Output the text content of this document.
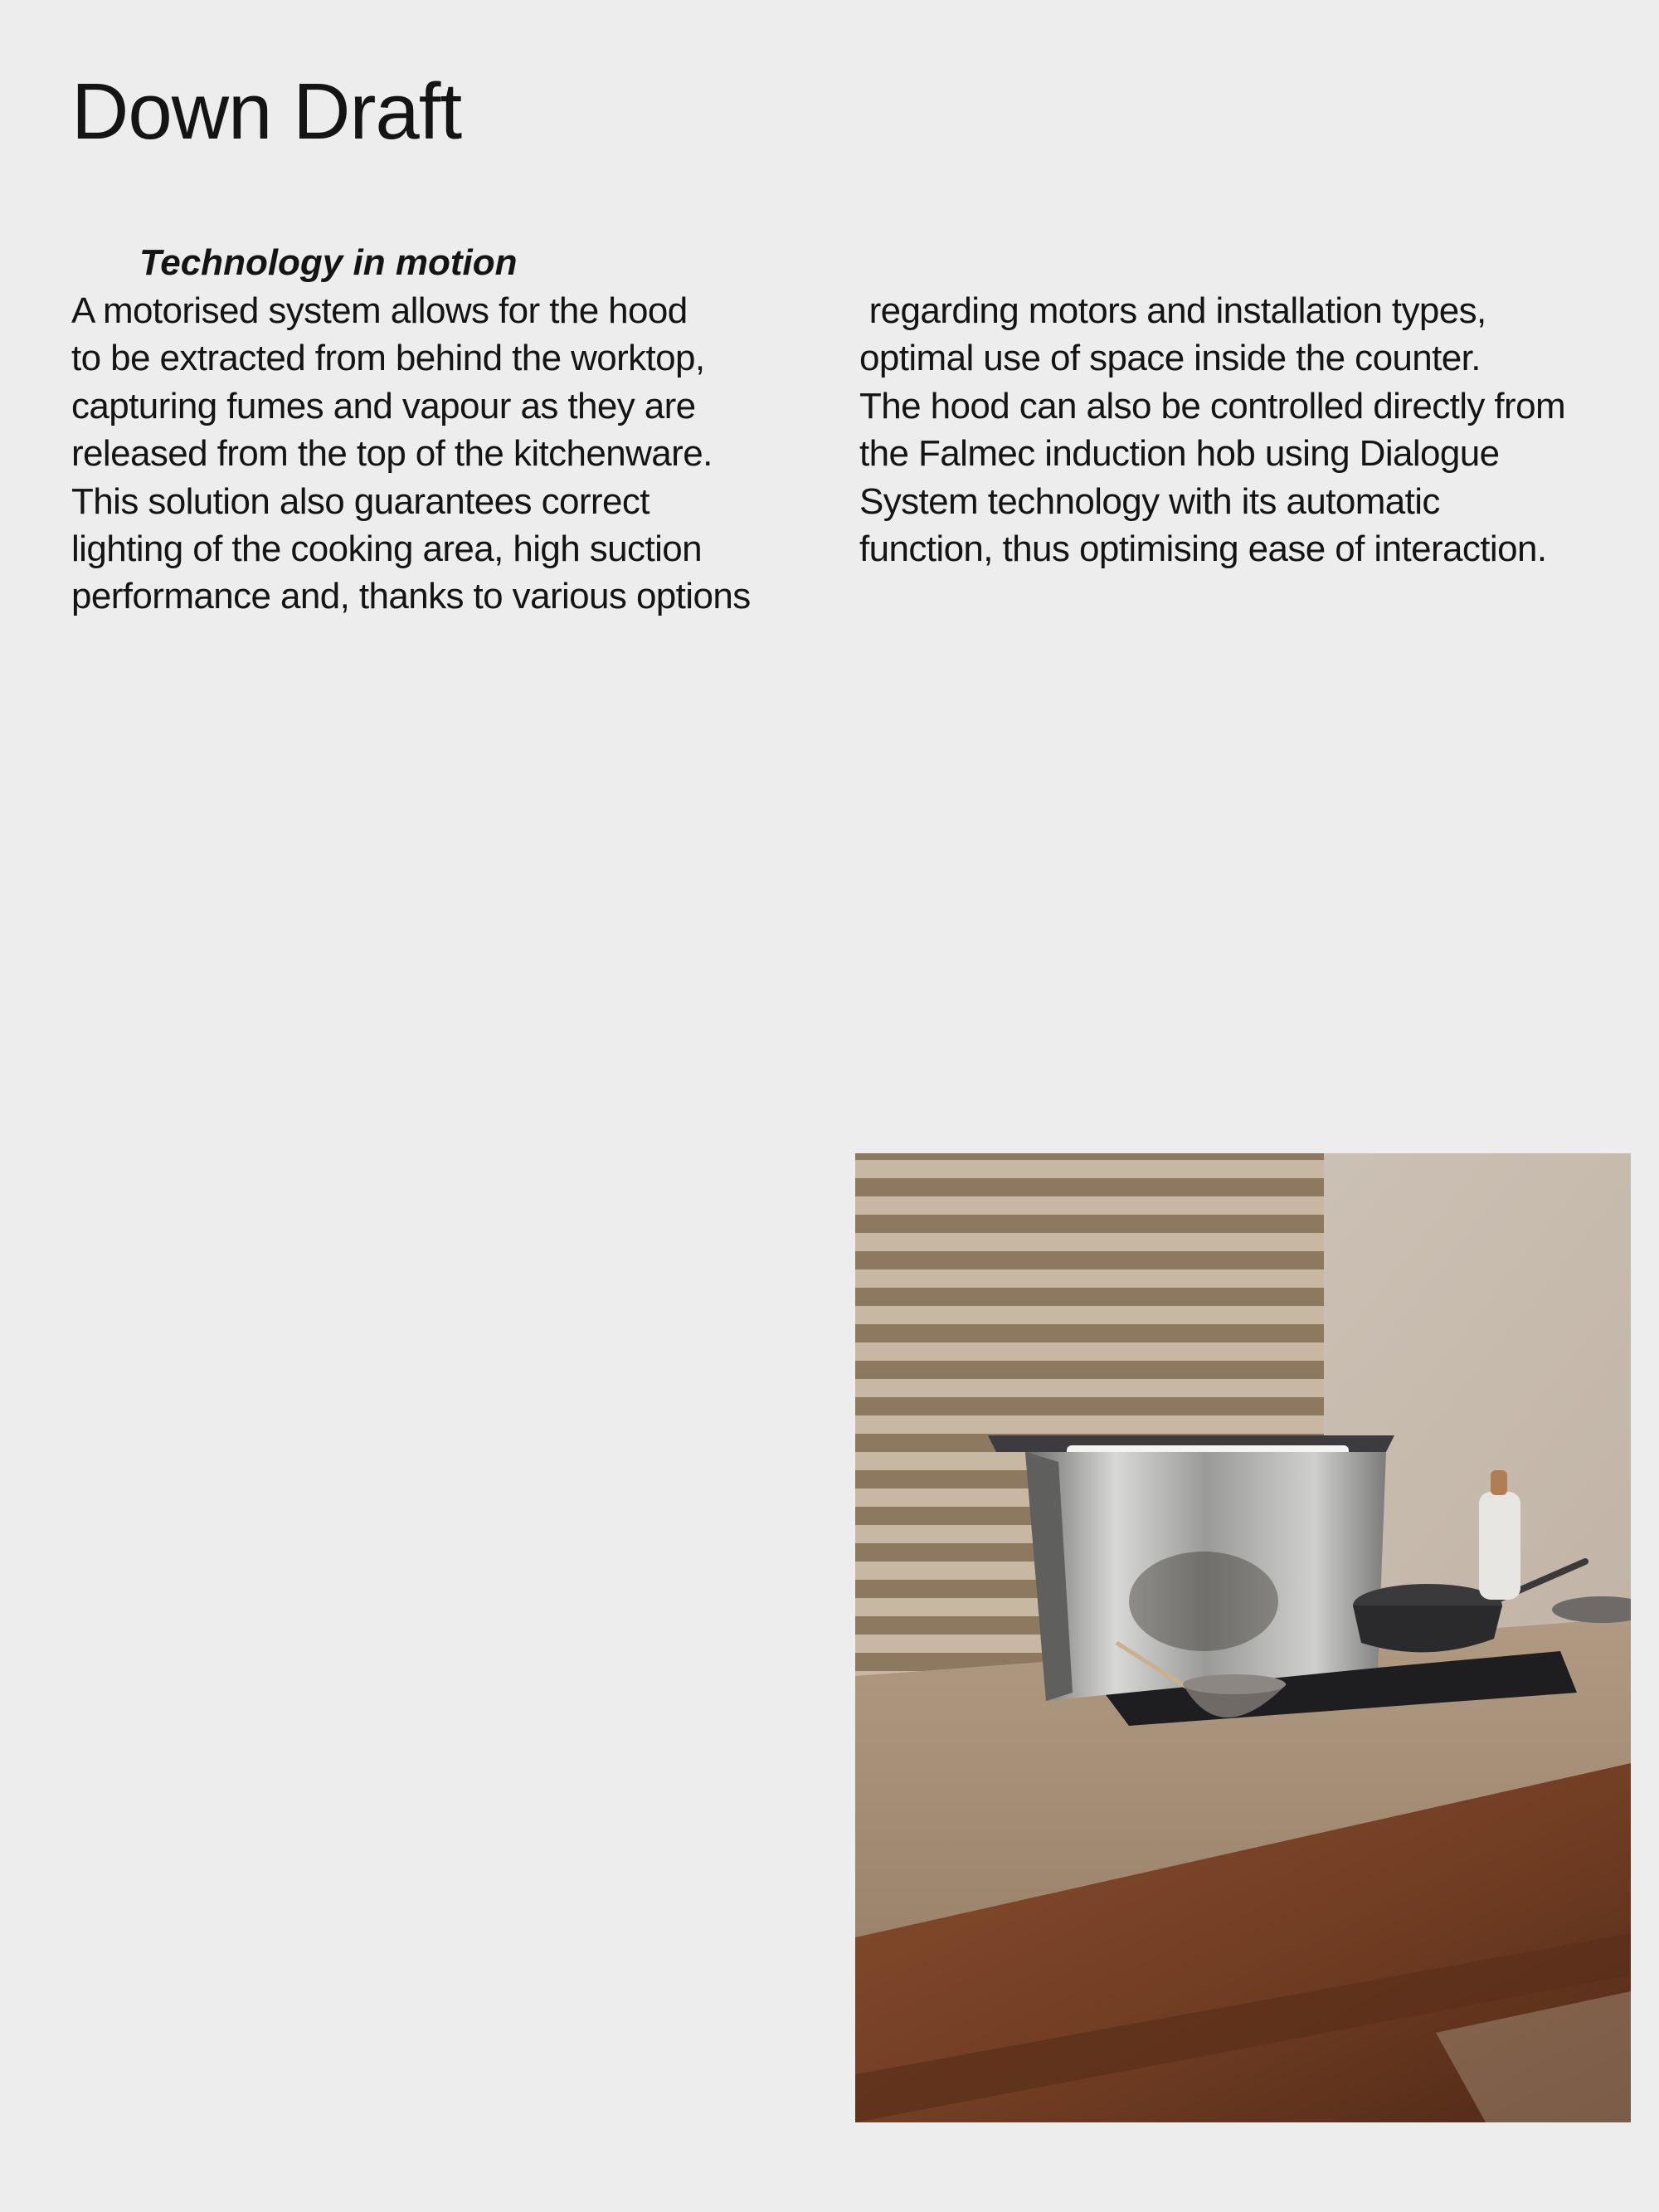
Down Draft
Technology in motion
A motorised system allows for the hood
to be extracted from behind the worktop,
capturing fumes and vapour as they are
released from the top of the kitchenware.
This solution also guarantees correct
lighting of the cooking area, high suction
performance and, thanks to various options
regarding motors and installation types,
optimal use of space inside the counter.
The hood can also be controlled directly from
the Falmec induction hob using Dialogue
System technology with its automatic
function, thus optimising ease of interaction.
